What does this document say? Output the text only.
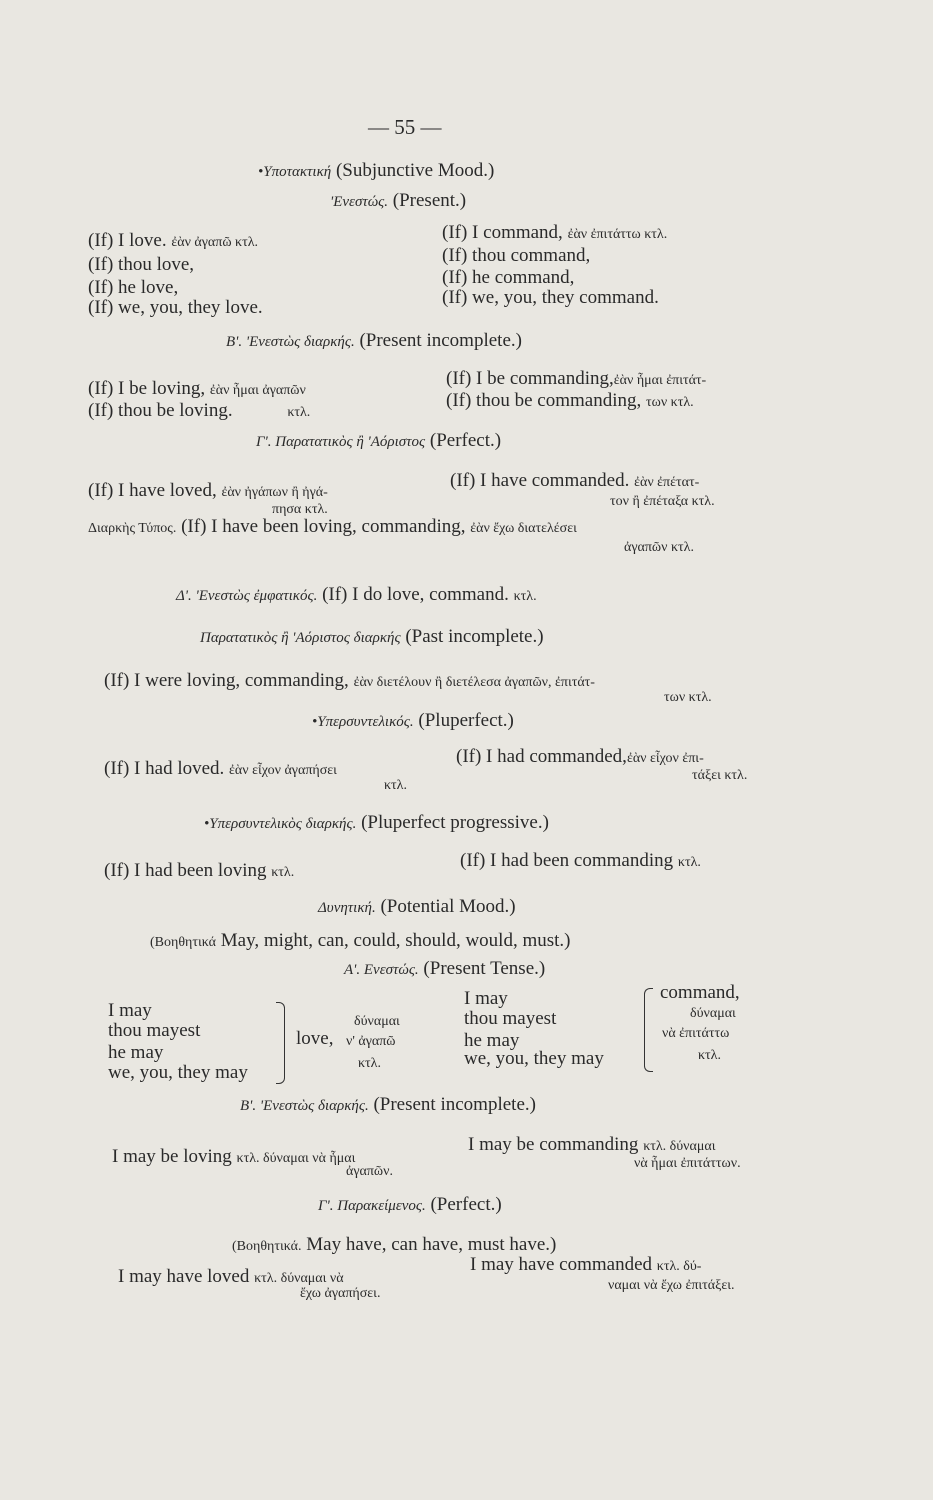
— 55 —
•Υποτακτική (Subjunctive Mood.)
'Ενεστώς. (Present.)
(If) I love. ἐὰν ἀγαπῶ κτλ.
(If) thou love,
(If) he love,
(If) we, you, they love.
(If) I command, ἐὰν ἐπιτάττω κτλ.
(If) thou command,
(If) he command,
(If) we, you, they command.
Β'. 'Ενεστὼς διαρκής. (Present incomplete.)
(If) I be loving, ἐὰν ἦμαι ἀγαπῶν
(If) thou be loving.	κτλ.
(If) I be commanding,ἐὰν ἦμαι ἐπιτάτ-
(If) thou be commanding, των κτλ.
Γ'. Παρατατικὸς ἢ 'Αόριστος (Perfect.)
(If) I have loved, ἐὰν ἠγάπων ἢ ἠγά-
πησα κτλ.
(If) I have commanded. ἐὰν ἐπέτατ-
τον ἢ ἐπέταξα κτλ.
Διαρκὴς Τύπος. (If) I have been loving, commanding, ἐὰν ἔχω διατελέσει
ἀγαπῶν κτλ.
Δ'. 'Ενεστὼς ἐμφατικός. (If) I do love, command. κτλ.
Παρατατικὸς ἢ 'Αόριστος διαρκής (Past incomplete.)
(If) I were loving, commanding, ἐὰν διετέλουν ἢ διετέλεσα ἀγαπῶν, ἐπιτάτ-
των κτλ.
•Υπερσυντελικός. (Pluperfect.)
(If) I had loved. ἐὰν εἶχον ἀγαπήσει
κτλ.
(If) I had commanded,ἐὰν εἶχον ἐπι-
τάξει κτλ.
•Υπερσυντελικὸς διαρκής. (Pluperfect progressive.)
(If) I had been loving κτλ.
(If) I had been commanding κτλ.
Δυνητική. (Potential Mood.)
(Βοηθητικά May, might, can, could, should, would, must.)
Α'. Ενεστώς. (Present Tense.)
I may
thou mayest
he may
we, you, they may
love,
δύναμαι
ν' ἀγαπῶ
κτλ.
I may
thou mayest
he may
we, you, they may
command,
δύναμαι
νὰ ἐπιτάττω
κτλ.
Β'. 'Ενεστὼς διαρκής. (Present incomplete.)
I may be loving κτλ. δύναμαι νὰ ἦμαι
ἀγαπῶν.
I may be commanding κτλ. δύναμαι
νὰ ἦμαι ἐπιτάττων.
Γ'. Παρακείμενος. (Perfect.)
(Βοηθητικά. May have, can have, must have.)
I may have loved κτλ. δύναμαι νὰ
ἔχω ἀγαπήσει.
I may have commanded κτλ. δύ-
ναμαι νὰ ἔχω ἐπιτάξει.
